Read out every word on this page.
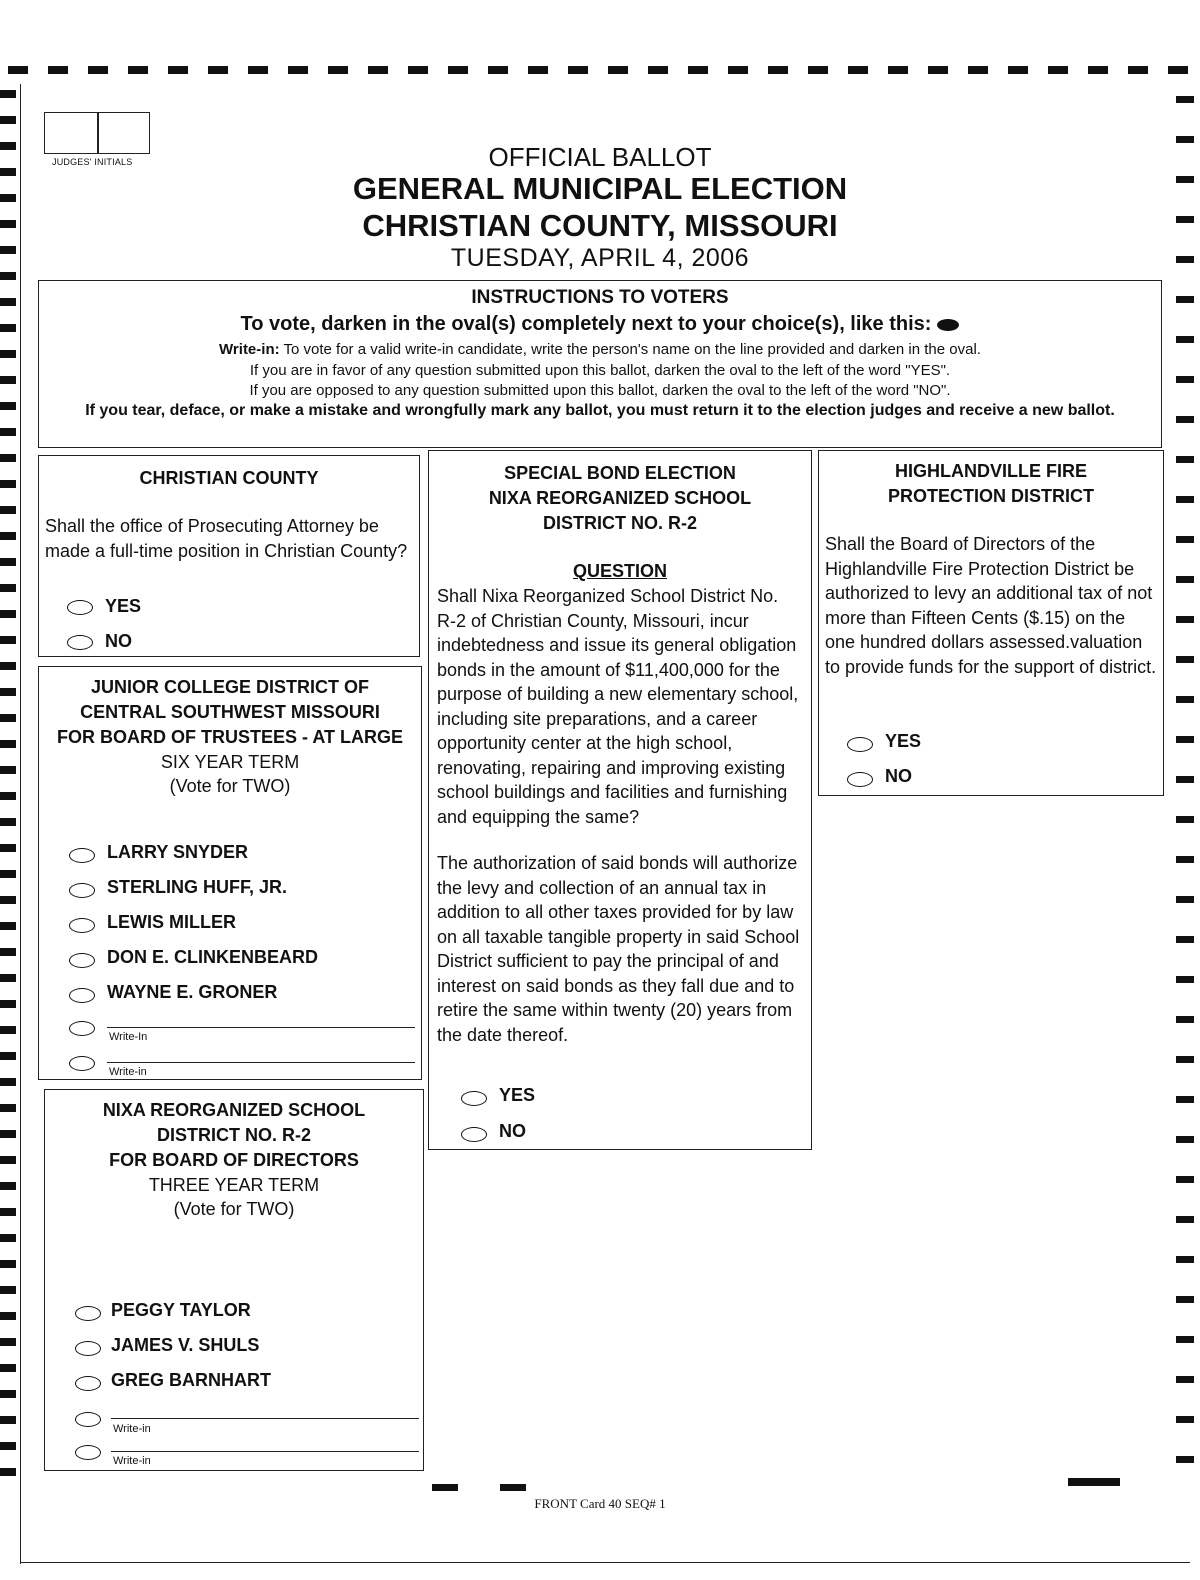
JUDGES' INITIALS	OFFICIAL BALLOT
GENERAL MUNICIPAL ELECTION
CHRISTIAN COUNTY, MISSOURI
TUESDAY, APRIL 4, 2006
INSTRUCTIONS TO VOTERS
To vote, darken in the oval(s) completely next to your choice(s), like this:
Write-in: To vote for a valid write-in candidate, write the person's name on the line provided and darken in the oval.
If you are in favor of any question submitted upon this ballot, darken the oval to the left of the word "YES".
If you are opposed to any question submitted upon this ballot, darken the oval to the left of the word "NO".
If you tear, deface, or make a mistake and wrongfully mark any ballot, you must return it to the election judges and receive a new ballot.
CHRISTIAN COUNTY
Shall the office of Prosecuting Attorney be
made a full-time position in Christian County?
YES
NO
JUNIOR COLLEGE DISTRICT OF
CENTRAL SOUTHWEST MISSOURI
FOR BOARD OF TRUSTEES - AT LARGE
SIX YEAR TERM
(Vote for TWO)
LARRY SNYDER
STERLING HUFF, JR.
LEWIS MILLER
DON E. CLINKENBEARD
WAYNE E. GRONER
Write-In
Write-in
NIXA REORGANIZED SCHOOL
DISTRICT NO. R-2
FOR BOARD OF DIRECTORS
THREE YEAR TERM
(Vote for TWO)
PEGGY TAYLOR
JAMES V. SHULS
GREG BARNHART
Write-in
Write-in
SPECIAL BOND ELECTION
NIXA REORGANIZED SCHOOL
DISTRICT NO. R-2
QUESTION
Shall Nixa Reorganized School District No.
R-2 of Christian County, Missouri, incur
indebtedness and issue its general obligation
bonds in the amount of $11,400,000 for the
purpose of building a new elementary school,
including site preparations, and a career
opportunity center at the high school,
renovating, repairing and improving existing
school buildings and facilities and furnishing
and equipping the same?
The authorization of said bonds will authorize
the levy and collection of an annual tax in
addition to all other taxes provided for by law
on all taxable tangible property in said School
District sufficient to pay the principal of and
interest on said bonds as they fall due and to
retire the same within twenty (20) years from
the date thereof.
YES
NO
HIGHLANDVILLE FIRE
PROTECTION DISTRICT
Shall the Board of Directors of the
Highlandville Fire Protection District be
authorized to levy an additional tax of not
more than Fifteen Cents ($.15) on the
one hundred dollars assessed.valuation
to provide funds for the support of district.
YES
NO
FRONT Card 40 SEQ# 1
